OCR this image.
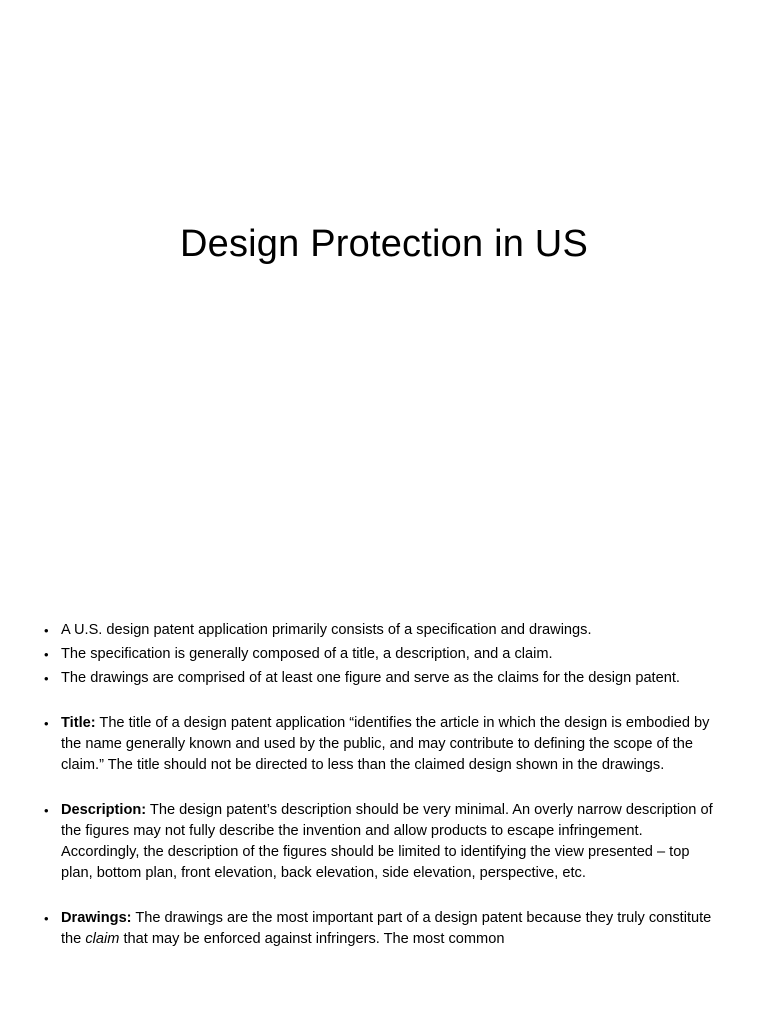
Design Protection in US
• A U.S. design patent application primarily consists of a specification and drawings.
• The specification is generally composed of a title, a description, and a claim.
• The drawings are comprised of at least one figure and serve as the claims for the design patent.
• Title: The title of a design patent application “identifies the article in which the design is embodied by the name generally known and used by the public, and may contribute to defining the scope of the claim.” The title should not be directed to less than the claimed design shown in the drawings.
• Description: The design patent’s description should be very minimal. An overly narrow description of the figures may not fully describe the invention and allow products to escape infringement. Accordingly, the description of the figures should be limited to identifying the view presented – top plan, bottom plan, front elevation, back elevation, side elevation, perspective, etc.
• Drawings: The drawings are the most important part of a design patent because they truly constitute the claim that may be enforced against infringers. The most common
